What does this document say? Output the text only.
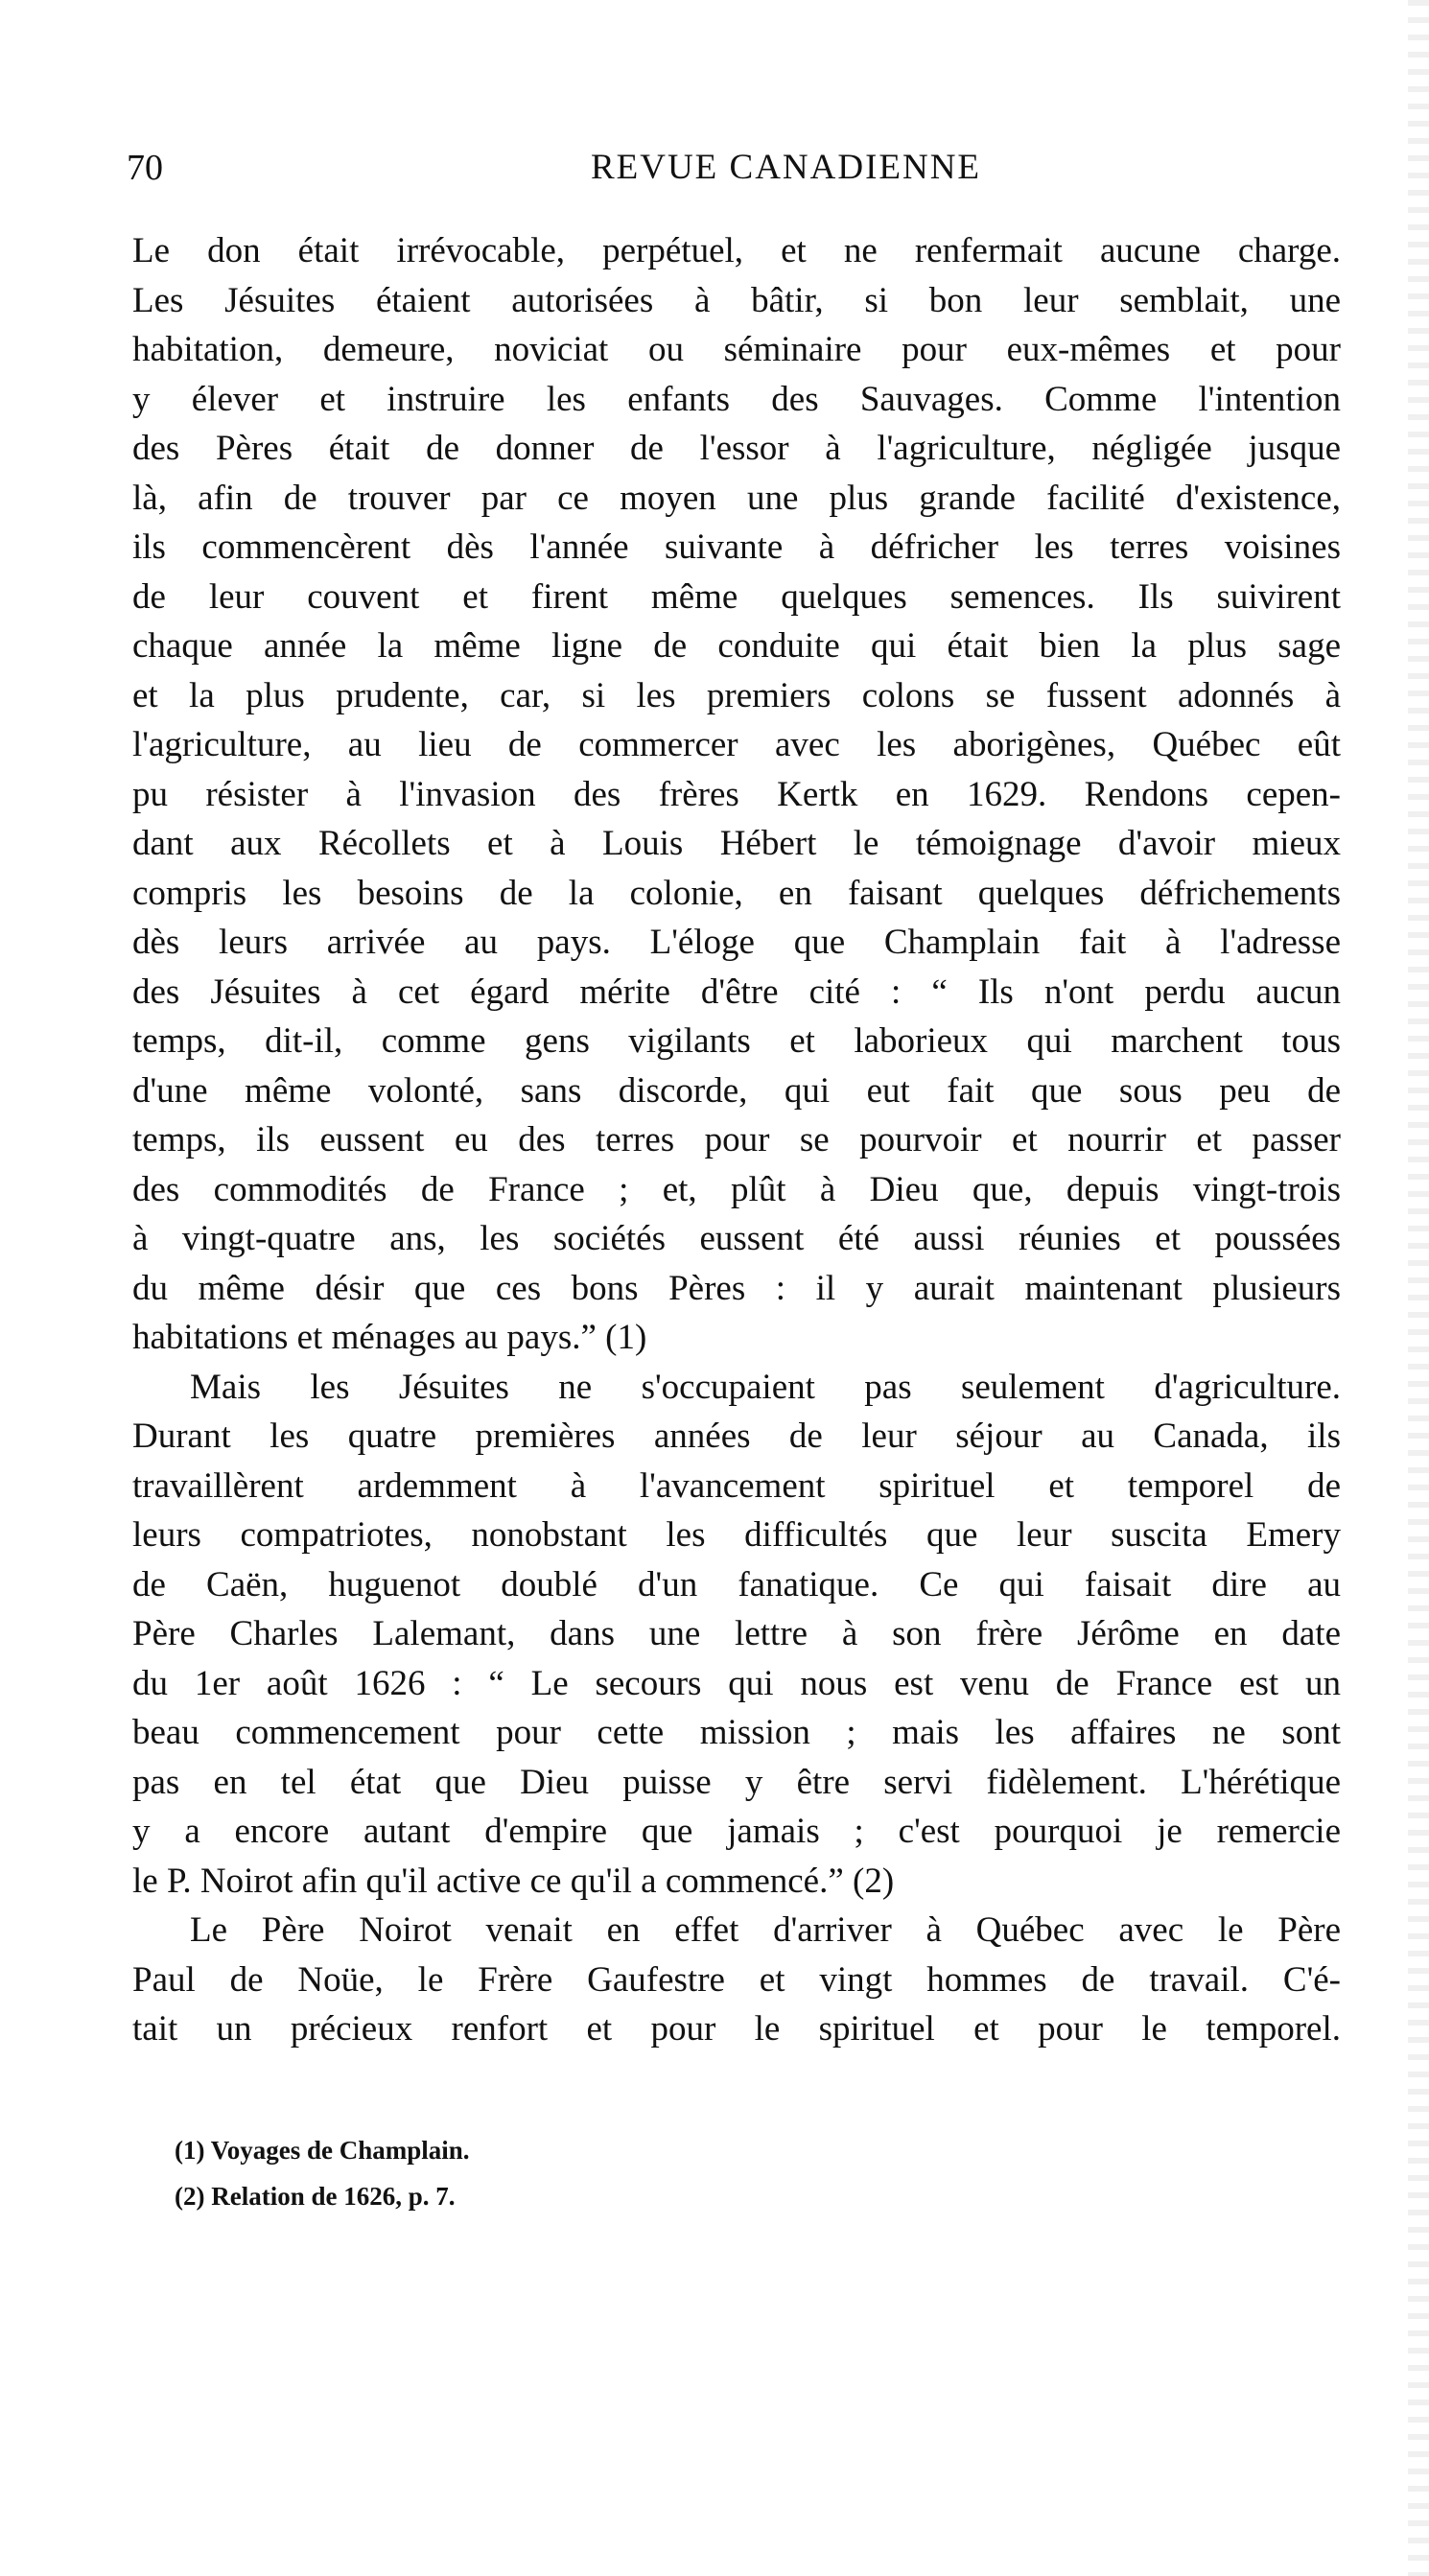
70	REVUE CANADIENNE
Le don était irrévocable, perpétuel, et ne renfermait aucune charge.
Les Jésuites étaient autorisées à bâtir, si bon leur semblait, une
habitation, demeure, noviciat ou séminaire pour eux-mêmes et pour
y élever et instruire les enfants des Sauvages. Comme l'intention
des Pères était de donner de l'essor à l'agriculture, négligée jusque
là, afin de trouver par ce moyen une plus grande facilité d'existence,
ils commencèrent dès l'année suivante à défricher les terres voisines
de leur couvent et firent même quelques semences. Ils suivirent
chaque année la même ligne de conduite qui était bien la plus sage
et la plus prudente, car, si les premiers colons se fussent adonnés à
l'agriculture, au lieu de commercer avec les aborigènes, Québec eût
pu résister à l'invasion des frères Kertk en 1629. Rendons cepen-
dant aux Récollets et à Louis Hébert le témoignage d'avoir mieux
compris les besoins de la colonie, en faisant quelques défrichements
dès leurs arrivée au pays. L'éloge que Champlain fait à l'adresse
des Jésuites à cet égard mérite d'être cité : “ Ils n'ont perdu aucun
temps, dit-il, comme gens vigilants et laborieux qui marchent tous
d'une même volonté, sans discorde, qui eut fait que sous peu de
temps, ils eussent eu des terres pour se pourvoir et nourrir et passer
des commodités de France ; et, plût à Dieu que, depuis vingt-trois
à vingt-quatre ans, les sociétés eussent été aussi réunies et poussées
du même désir que ces bons Pères : il y aurait maintenant plusieurs
habitations et ménages au pays.” (1)
Mais les Jésuites ne s'occupaient pas seulement d'agriculture.
Durant les quatre premières années de leur séjour au Canada, ils
travaillèrent ardemment à l'avancement spirituel et temporel de
leurs compatriotes, nonobstant les difficultés que leur suscita Emery
de Caën, huguenot doublé d'un fanatique. Ce qui faisait dire au
Père Charles Lalemant, dans une lettre à son frère Jérôme en date
du 1er août 1626 : “ Le secours qui nous est venu de France est un
beau commencement pour cette mission ; mais les affaires ne sont
pas en tel état que Dieu puisse y être servi fidèlement. L'hérétique
y a encore autant d'empire que jamais ; c'est pourquoi je remercie
le P. Noirot afin qu'il active ce qu'il a commencé.” (2)
Le Père Noirot venait en effet d'arriver à Québec avec le Père
Paul de Noüe, le Frère Gaufestre et vingt hommes de travail. C'é-
tait un précieux renfort et pour le spirituel et pour le temporel.
(1) Voyages de Champlain.
(2) Relation de 1626, p. 7.
